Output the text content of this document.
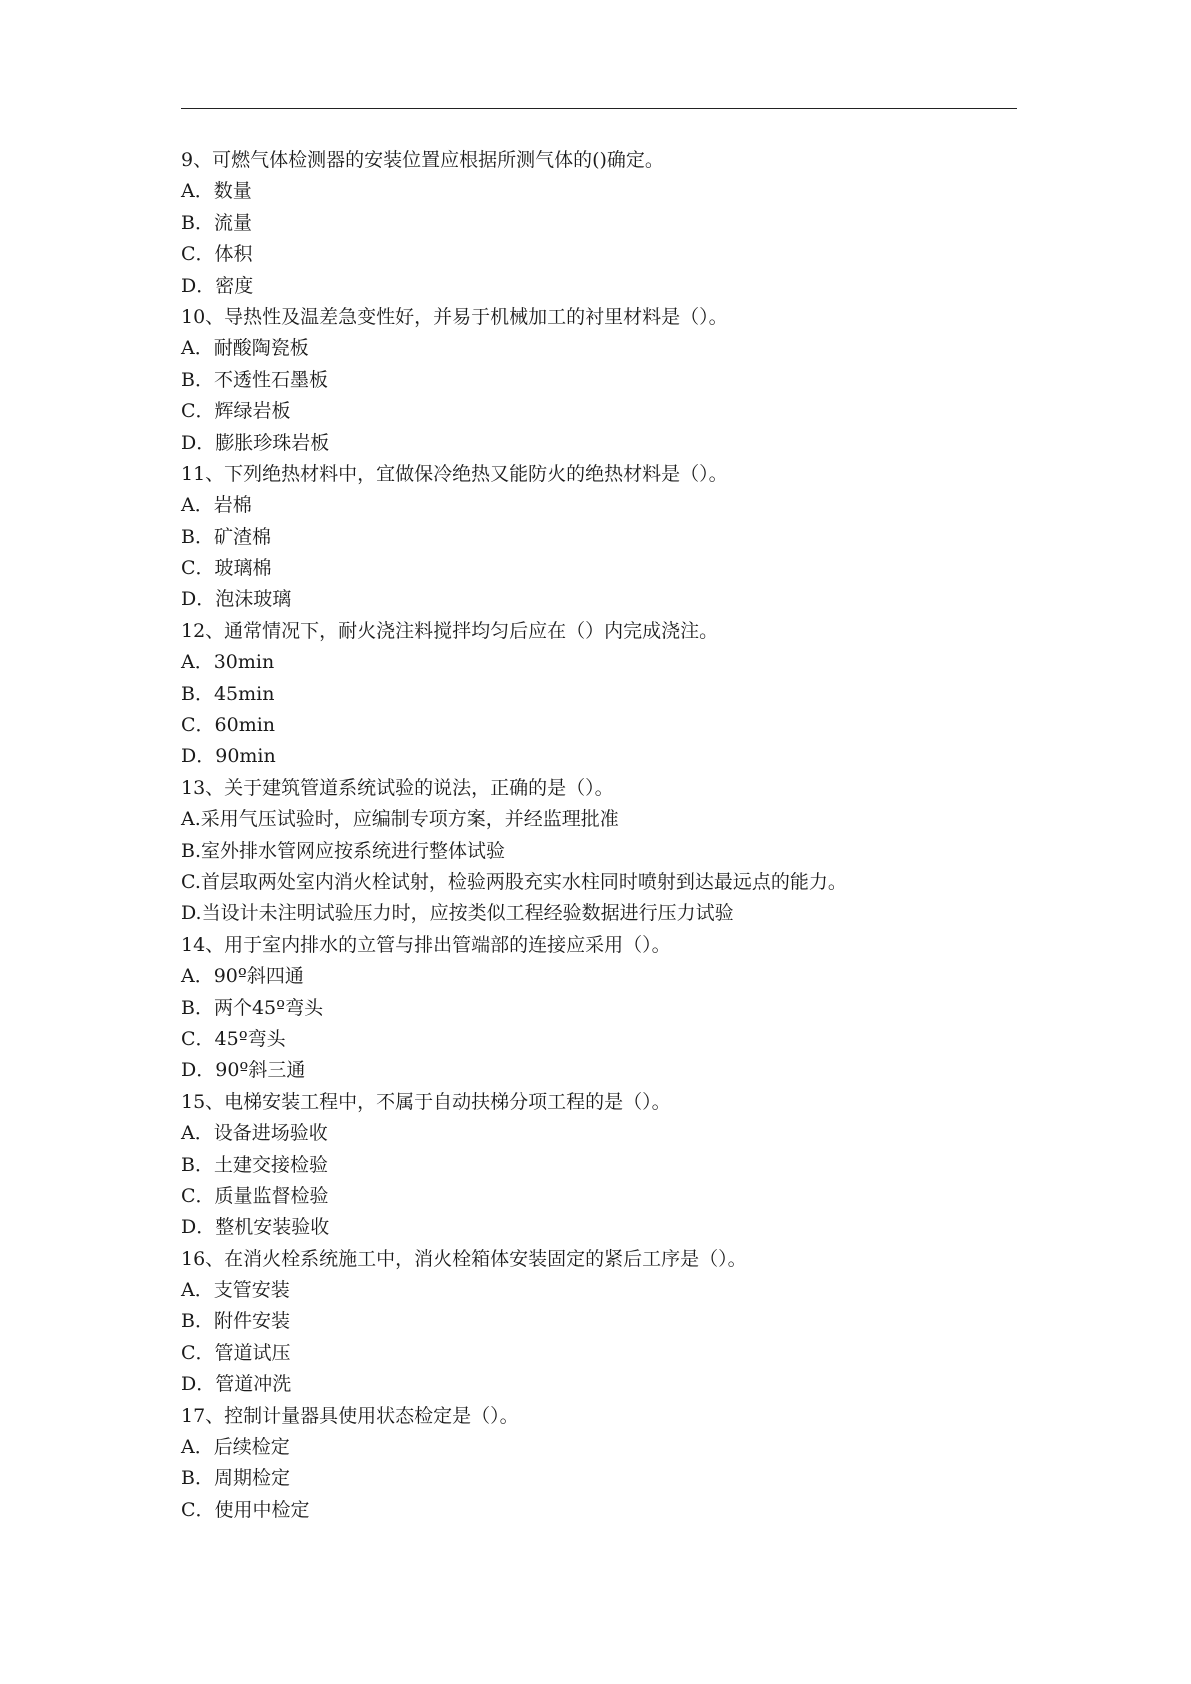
9、可燃气体检测器的安装位置应根据所测气体的()确定。
A．数量
B．流量
C．体积
D．密度
10、导热性及温差急变性好，并易于机械加工的衬里材料是（）。
A．耐酸陶瓷板
B．不透性石墨板
C．辉绿岩板
D．膨胀珍珠岩板
11、下列绝热材料中，宜做保冷绝热又能防火的绝热材料是（）。
A．岩棉
B．矿渣棉
C．玻璃棉
D．泡沫玻璃
12、通常情况下，耐火浇注料搅拌均匀后应在（）内完成浇注。
A．30min
B．45min
C．60min
D．90min
13、关于建筑管道系统试验的说法，正确的是（）。
A.采用气压试验时，应编制专项方案，并经监理批准
B.室外排水管网应按系统进行整体试验
C.首层取两处室内消火栓试射，检验两股充实水柱同时喷射到达最远点的能力。
D.当设计未注明试验压力时，应按类似工程经验数据进行压力试验
14、用于室内排水的立管与排出管端部的连接应采用（）。
A．90º斜四通
B．两个45º弯头
C．45º弯头
D．90º斜三通
15、电梯安装工程中，不属于自动扶梯分项工程的是（）。
A．设备进场验收
B．土建交接检验
C．质量监督检验
D．整机安装验收
16、在消火栓系统施工中，消火栓箱体安装固定的紧后工序是（）。
A．支管安装
B．附件安装
C．管道试压
D．管道冲洗
17、控制计量器具使用状态检定是（）。
A．后续检定
B．周期检定
C．使用中检定
